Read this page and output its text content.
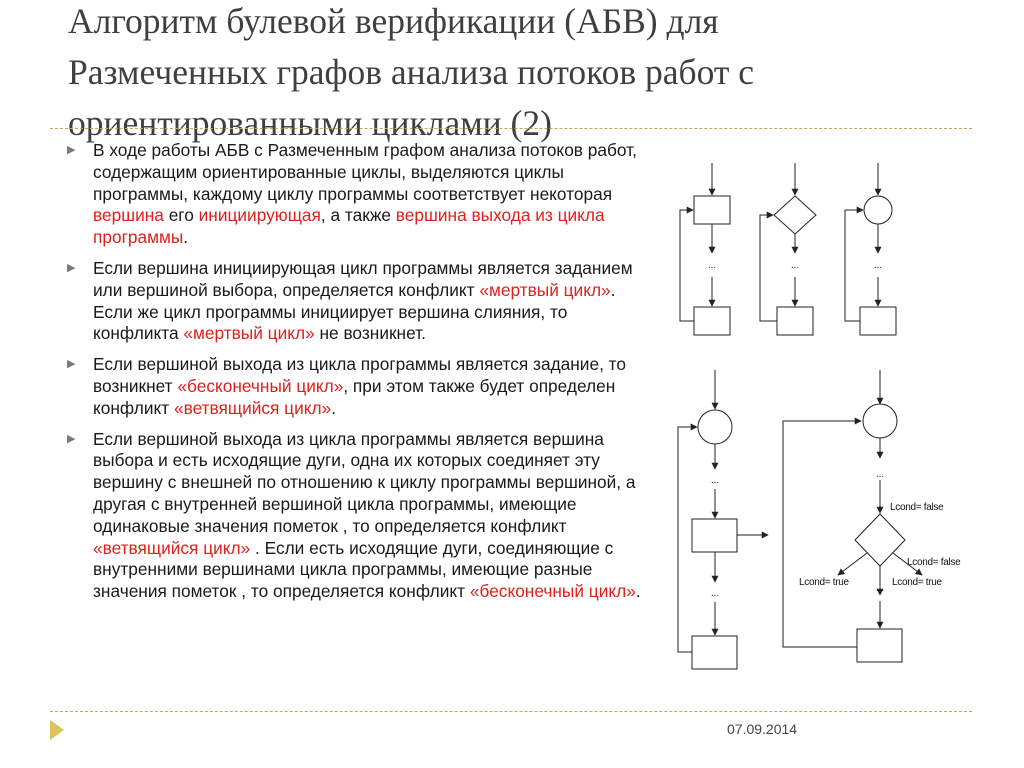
Алгоритм булевой верификации (АБВ) для
Размеченных графов анализа потоков работ с
ориентированными циклами (2)
▶ В ходе работы АБВ с Размеченным графом анализа потоков работ, содержащим ориентированные циклы, выделяются циклы программы, каждому циклу программы соответствует некоторая вершина его инициирующая, а также вершина выхода из цикла программы.
▶ Если вершина инициирующая цикл программы является заданием или вершиной выбора, определяется конфликт «мертвый цикл». Если же цикл программы инициирует вершина слияния, то конфликта «мертвый цикл» не возникнет.
▶ Если вершиной выхода из цикла программы является задание, то возникнет «бесконечный цикл», при этом также будет определен конфликт «ветвящийся цикл».
▶ Если вершиной выхода из цикла программы является вершина выбора и есть исходящие дуги, одна их которых соединяет эту вершину с внешней по отношению к циклу программы вершиной, а другая с внутренней вершиной цикла программы, имеющие одинаковые значения пометок , то определяется конфликт «ветвящийся цикл» . Если есть исходящие дуги, соединяющие с внутренними вершинами цикла программы, имеющие разные значения пометок , то определяется конфликт «бесконечный цикл».
...	...	...
...
...
...
...
Lcond= false
Lcond= false
Lcond= true	Lcond= true
07.09.2014
